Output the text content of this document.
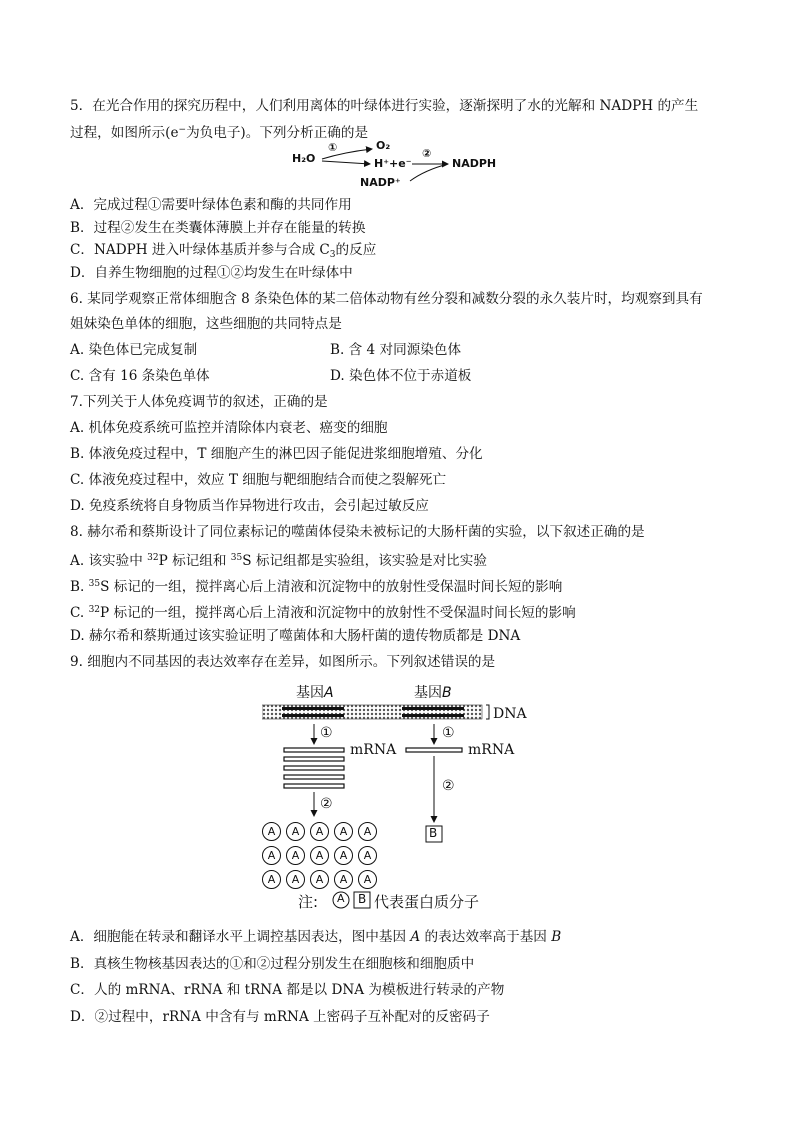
5．在光合作用的探究历程中，人们利用离体的叶绿体进行实验，逐渐探明了水的光解和 NADPH 的产生
过程，如图所示(e−为负电子)。下列分析正确的是
H₂O
①	O₂
H⁺+e⁻
②
NADPH
NADP⁺
A．完成过程①需要叶绿体色素和酶的共同作用
B．过程②发生在类囊体薄膜上并存在能量的转换
C．NADPH 进入叶绿体基质并参与合成 $C_3$的反应
D．自养生物细胞的过程①②均发生在叶绿体中
6. 某同学观察正常体细胞含 8 条染色体的某二倍体动物有丝分裂和减数分裂的永久装片时，均观察到具有
姐妹染色单体的细胞，这些细胞的共同特点是
A. 染色体已完成复制	B. 含 4 对同源染色体
C. 含有 16 条染色单体	D. 染色体不位于赤道板
7.下列关于人体免疫调节的叙述，正确的是
A. 机体免疫系统可监控并清除体内衰老、癌变的细胞
B. 体液免疫过程中，T 细胞产生的淋巴因子能促进浆细胞增殖、分化
C. 体液免疫过程中，效应 T 细胞与靶细胞结合而使之裂解死亡
D. 免疫系统将自身物质当作异物进行攻击，会引起过敏反应
8. 赫尔希和蔡斯设计了同位素标记的噬菌体侵染未被标记的大肠杆菌的实验，以下叙述正确的是
A. 该实验中 $^{32}$P 标记组和 $^{35}$S 标记组都是实验组，该实验是对比实验
B. $^{35}$S 标记的一组，搅拌离心后上清液和沉淀物中的放射性受保温时间长短的影响
C. $^{32}$P 标记的一组，搅拌离心后上清液和沉淀物中的放射性不受保温时间长短的影响
D. 赫尔希和蔡斯通过该实验证明了噬菌体和大肠杆菌的遗传物质都是 DNA
9. 细胞内不同基因的表达效率存在差异，如图所示。下列叙述错误的是
基因A	基因B
DNA
①	①
mRNA	mRNA
②
②
B
A	A	A	A	A
A	A	A	A	A
A	A	A	A	A
注: A B 代表蛋白质分子
A．细胞能在转录和翻译水平上调控基因表达，图中基因 A 的表达效率高于基因 B
B．真核生物核基因表达的①和②过程分别发生在细胞核和细胞质中
C．人的 mRNA、rRNA 和 tRNA 都是以 DNA 为模板进行转录的产物
D．②过程中，rRNA 中含有与 mRNA 上密码子互补配对的反密码子
